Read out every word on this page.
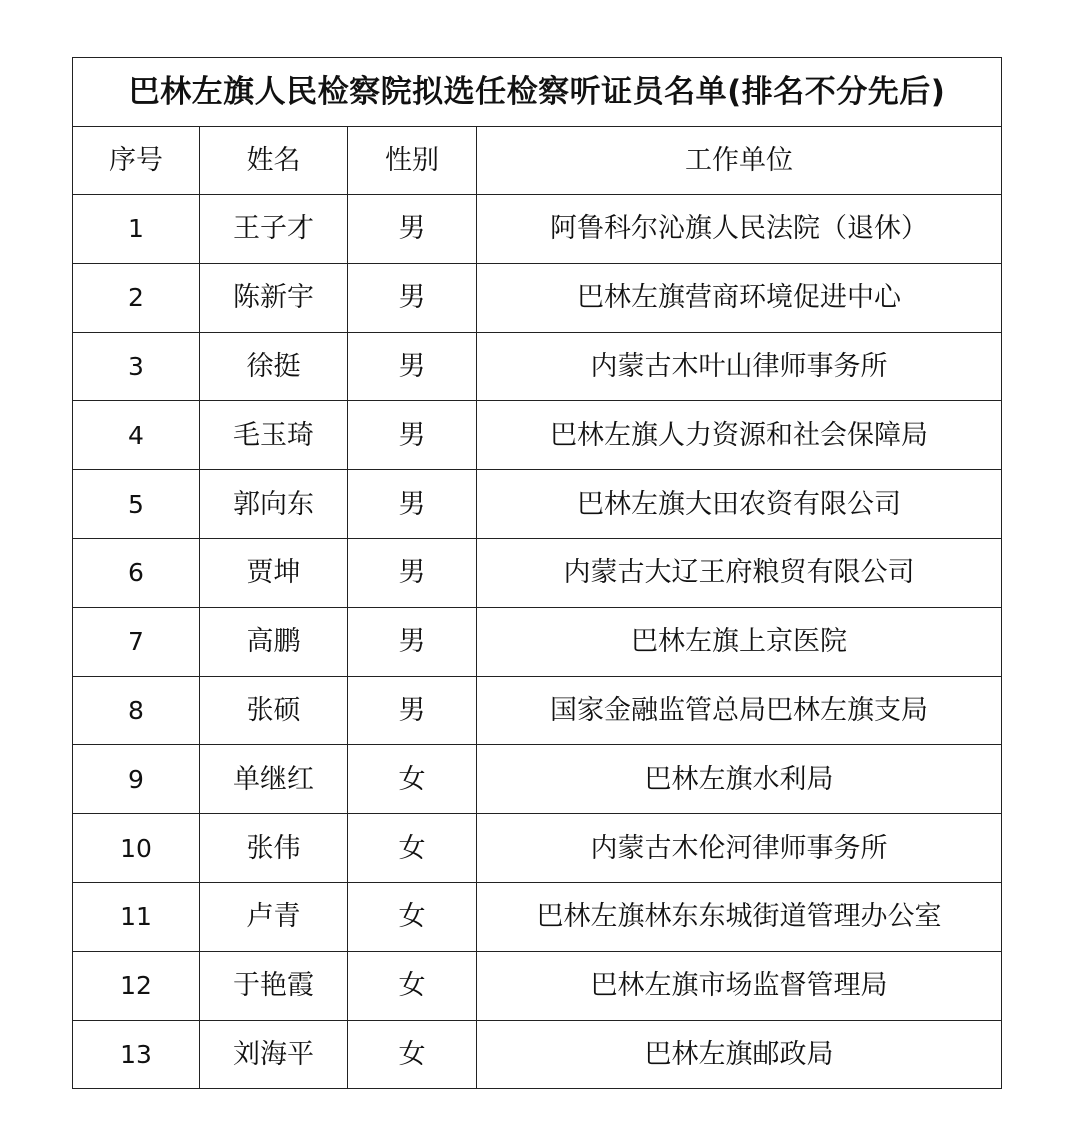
巴林左旗人民检察院拟选任检察听证员名单(排名不分先后)			
序号	姓名	性别	工作单位
1	王子才	男	阿鲁科尔沁旗人民法院（退休）
2	陈新宇	男	巴林左旗营商环境促进中心
3	徐挺	男	内蒙古木叶山律师事务所
4	毛玉琦	男	巴林左旗人力资源和社会保障局
5	郭向东	男	巴林左旗大田农资有限公司
6	贾坤	男	内蒙古大辽王府粮贸有限公司
7	高鹏	男	巴林左旗上京医院
8	张硕	男	国家金融监管总局巴林左旗支局
9	单继红	女	巴林左旗水利局
10	张伟	女	内蒙古木伦河律师事务所
11	卢青	女	巴林左旗林东东城街道管理办公室
12	于艳霞	女	巴林左旗市场监督管理局
13	刘海平	女	巴林左旗邮政局
